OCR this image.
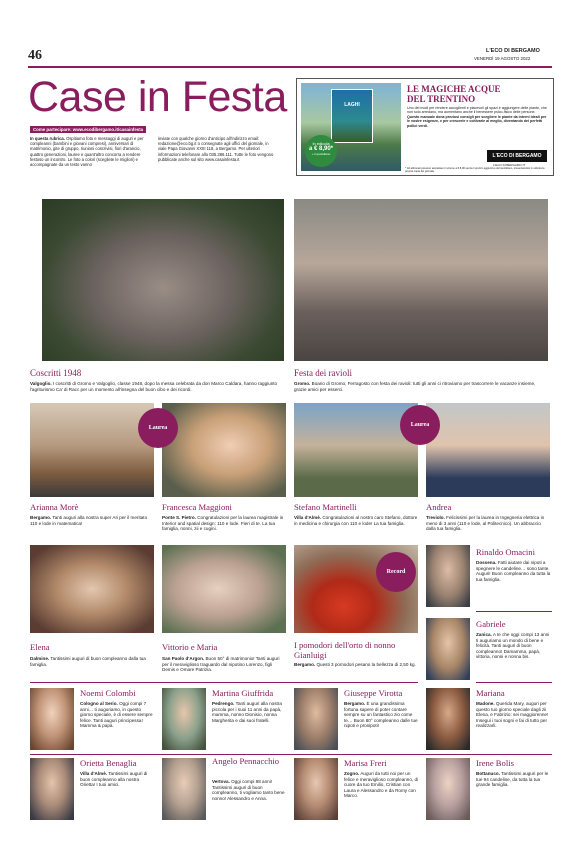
46	L'ECO DI BERGAMO
VENERDÌ 19 AGOSTO 2022
Case in Festa
Come partecipare: www.ecodibergamo.it/casainfesta
In questa rubrica. Ospitiamo foto e messaggi di auguri e per compleanni (bambini e giovani compresi), anniversari di matrimonio, gite di gruppo, riunioni coscrivisi, fiori d'arancio, quattro generazioni, lauree e quant'altro concorra a rendere festoso un incontro. Le foto a colori (scegliete le migliori) e accompagnate da un testo vanno
inviate con qualche giorno d'anticipo all'indirizzo email: redazione@eco.bg.it o consegnate agli uffici del giornale, in viale Papa Giovanni XXIII 118, a Bergamo. Per ulteriori informazioni telefonare allo 035.386.111. Tutte le foto vengono pubblicate anche sul sito www.casainfesta.it
LAGHI
In edicola
a € 8,90*
+ il quotidiano
LE MAGICHE ACQUE
DEL TRENTINO
Uno dei modi per rendere accoglienti e piacevoli gli spazi è aggiungere delle piante, che non solo arredano, ma aumentano anche il benessere psico-fisico delle persone. Questo manuale dona preziosi consigli per scegliere le piante da interni ideali per le vostre esigenze, e per crescerle e coltivarle al meglio, diventando dei perfetti pollici verdi.
L'ECO DI BERGAMO
L'ECO DI BERGAMO.IT
* Gli abbonati possono acquistare il volume a € 8,90 senza il prezzo aggiuntivo del quotidiano, presentandosi in edicola la propria copia del giornale.
Coscritti 1948
Valgoglio. I coscritti di Gromo e Valgoglio, classe 1948, dopo la messa celebrata da don Marco Caldara, hanno raggiunto l'agriturismo Ca' di Racc per un momento all'insegna del buon cibo e dei ricordi.
Festa dei ravioli
Gromo. Boario di Gromo, Ferragosto con festa dei ravioli: tutti gli anni ci ritroviamo per trascorrere le vacanze insieme, grazie amici per esserci.
Laurea	Laurea
Arianna Morè
Bergamo. Tanti auguri alla nostra super Ari per il meritato 110 e lode in matematica!
Francesca Maggioni
Ponte S. Pietro. Congratulazioni per la laurea magistrale in Interior and spatial design: 110 e lode. Fieri di te. La tua famiglia, nonni, zii e cugini.
Stefano Martinelli
Villa d'Almè. Congratulazioni al nostro caro Stefano, dottore in medicina e chirurgia con 110 e lode! La tua famiglia.
Andrea
Treviolo. Felicissimi per la laurea in Ingegneria elettrica in meno di 3 anni (110 e lode, al Politecnico). Un abbraccio dalla tua famiglia.
Record
Elena
Dalmine. Tantissimi auguri di buon compleanno dalla tua famiglia.
Vittorio e Maria
San Paolo d'Argon. Buon 50° di matrimonio! Tanti auguri per il meraviglioso traguardo dal nipotino Lorenzo, figli Demis e Omare Patrizia.
I pomodori dell'orto di nonno Gianluigi
Bergamo. Questi 3 pomodori pesano la bellezza di 2,50 kg.
Rinaldo Omacini
Dossena. Fatti aiutare dai nipoti a spegnere le candeline… sono tante. Auguri! Buon compleanno da tutta la tua famiglia.
Gabriele
Zanica. A te che oggi compi 13 anni ti auguriamo un mondo di bene e felicità. Tanti auguri di buon compleanno! Damamma, papà, vittoria, nonni e nonna bis.
Noemi Colombi
Cologno al Serio. Oggi compi 7 anni… ti auguriamo, in questo giorno speciale, è di essere sempre felice. Tanti auguri principessa! Mamma & papà.
Martina Giuffrida
Pedrengo. Tanti auguri alla nostra piccola per i suoi 11 anni da papà, mamma, nonno Dionisio, nonna Margherita e dai suoi fratelli.
Giuseppe Virotta
Bergamo. È una grandissima fortuna sapere di poter contare sempre su un fantastico zio come te… Buon 80° compleanno dalle tue nipoti e pronipoti!
Mariana
Madone. Querida Mary, auguri per questo tuo giorno speciale dagli zii Elena, e Fabrizio: sei maggiorenne! Insegui i tuoi sogni e fai di tutto per realizzarli.
Orietta Benaglia
Villa d'Almè. Tantissimi auguri di buon compleanno alla nostra Orietta! I tuoi amici.
Angelo Pennacchio
Vertova. Oggi compi 88 anni! Tantissimi auguri di buon compleanno, ti vogliamo tanto bene nonno! Alessandro e Anna.
Marisa Freri
Zogno. Auguri da tutti noi per un felice e meraviglioso compleanno, di cuore da tuo Emilio, Cristian con Laura e Alessandro e da Romy con Marco.
Irene Bolis
Bottanuco. Tantissimi auguri per le tue 94 candeline, da tutta la tua grande famiglia.
